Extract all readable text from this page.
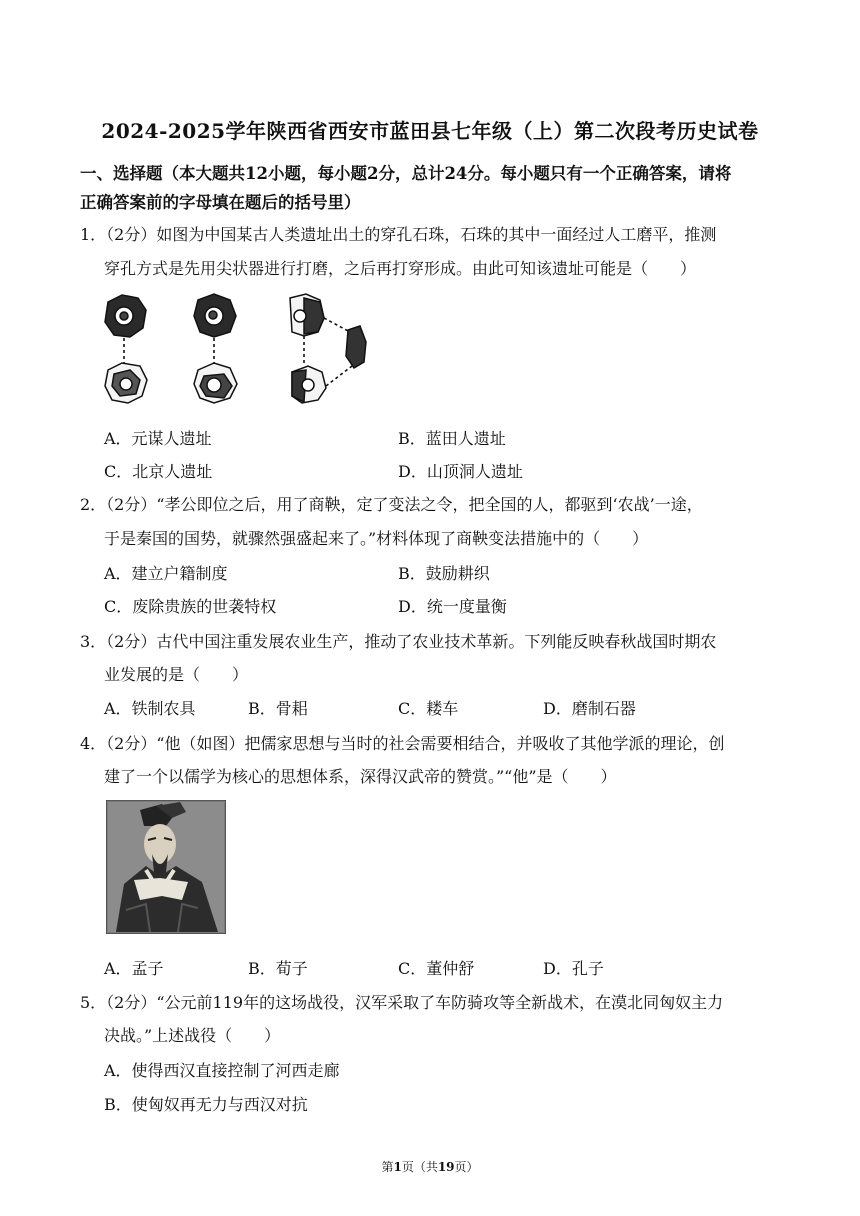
2024-2025学年陕西省西安市蓝田县七年级（上）第二次段考历史试卷
一、选择题（本大题共12小题，每小题2分，总计24分。每小题只有一个正确答案，请将
正确答案前的字母填在题后的括号里）
1．（2分）如图为中国某古人类遗址出土的穿孔石珠，石珠的其中一面经过人工磨平，推测
穿孔方式是先用尖状器进行打磨，之后再打穿形成。由此可知该遗址可能是（　　）
A．元谋人遗址	B．蓝田人遗址
C．北京人遗址	D．山顶洞人遗址
2．（2分）“孝公即位之后，用了商鞅，定了变法之令，把全国的人，都驱到‘农战’一途，
于是秦国的国势，就骤然强盛起来了。”材料体现了商鞅变法措施中的（　　）
A．建立户籍制度	B．鼓励耕织
C．废除贵族的世袭特权	D．统一度量衡
3．（2分）古代中国注重发展农业生产，推动了农业技术革新。下列能反映春秋战国时期农
业发展的是（　　）
A．铁制农具	B．骨耜	C．耧车	D．磨制石器
4．（2分）“他（如图）把儒家思想与当时的社会需要相结合，并吸收了其他学派的理论，创
建了一个以儒学为核心的思想体系，深得汉武帝的赞赏。”“他”是（　　）
A．孟子	B．荀子	C．董仲舒	D．孔子
5．（2分）“公元前119年的这场战役，汉军采取了车防骑攻等全新战术，在漠北同匈奴主力
决战。”上述战役（　　）
A．使得西汉直接控制了河西走廊
B．使匈奴再无力与西汉对抗
第1页（共19页）
